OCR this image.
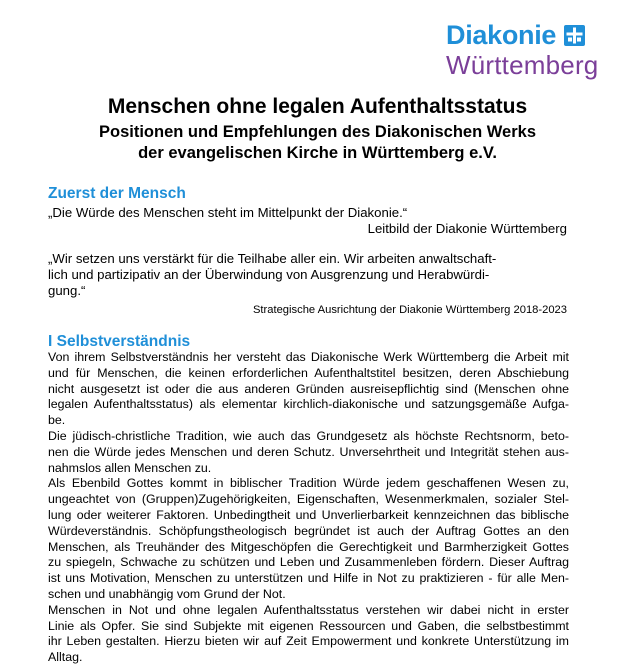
Diakonie
Württemberg
Menschen ohne legalen Aufenthaltsstatus
Positionen und Empfehlungen des Diakonischen Werks
der evangelischen Kirche in Württemberg e.V.
Zuerst der Mensch
„Die Würde des Menschen steht im Mittelpunkt der Diakonie.“
Leitbild der Diakonie Württemberg
„Wir setzen uns verstärkt für die Teilhabe aller ein. Wir arbeiten anwaltschaft-
lich und partizipativ an der Überwindung von Ausgrenzung und Herabwürdi-
gung.“
Strategische Ausrichtung der Diakonie Württemberg 2018-2023
I Selbstverständnis
Von ihrem Selbstverständnis her versteht das Diakonische Werk Württemberg die Arbeit mit
und für Menschen, die keinen erforderlichen Aufenthaltstitel besitzen, deren Abschiebung
nicht ausgesetzt ist oder die aus anderen Gründen ausreisepflichtig sind (Menschen ohne
legalen Aufenthaltsstatus) als elementar kirchlich-diakonische und satzungsgemäße Aufga-
be.
Die jüdisch-christliche Tradition, wie auch das Grundgesetz als höchste Rechtsnorm, beto-
nen die Würde jedes Menschen und deren Schutz. Unversehrtheit und Integrität stehen aus-
nahmslos allen Menschen zu.
Als Ebenbild Gottes kommt in biblischer Tradition Würde jedem geschaffenen Wesen zu,
ungeachtet von (Gruppen)Zugehörigkeiten, Eigenschaften, Wesenmerkmalen, sozialer Stel-
lung oder weiterer Faktoren. Unbedingtheit und Unverlierbarkeit kennzeichnen das biblische
Würdeverständnis. Schöpfungstheologisch begründet ist auch der Auftrag Gottes an den
Menschen, als Treuhänder des Mitgeschöpfen die Gerechtigkeit und Barmherzigkeit Gottes
zu spiegeln, Schwache zu schützen und Leben und Zusammenleben fördern. Dieser Auftrag
ist uns Motivation, Menschen zu unterstützen und Hilfe in Not zu praktizieren - für alle Men-
schen und unabhängig vom Grund der Not.
Menschen in Not und ohne legalen Aufenthaltsstatus verstehen wir dabei nicht in erster
Linie als Opfer. Sie sind Subjekte mit eigenen Ressourcen und Gaben, die selbstbestimmt
ihr Leben gestalten. Hierzu bieten wir auf Zeit Empowerment und konkrete Unterstützung im
Alltag.
